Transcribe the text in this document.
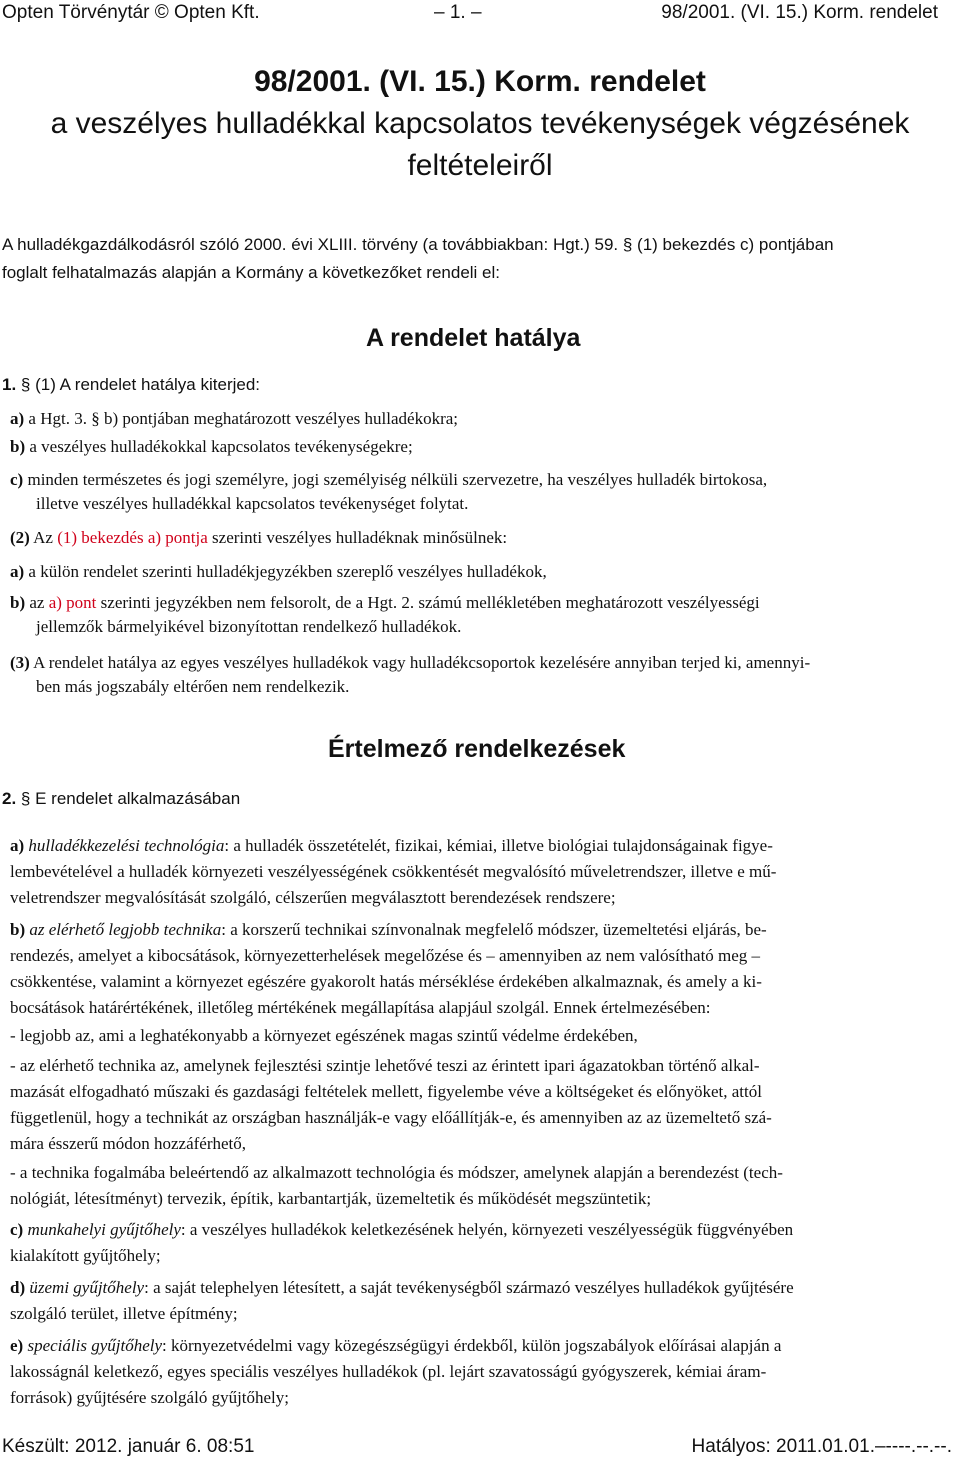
Opten Törvénytár © Opten Kft.	– 1. –	98/2001. (VI. 15.) Korm. rendelet
98/2001. (VI. 15.) Korm. rendelet
a veszélyes hulladékkal kapcsolatos tevékenységek végzésének
feltételeiről
A hulladékgazdálkodásról szóló 2000. évi XLIII. törvény (a továbbiakban: Hgt.) 59. § (1) bekezdés c) pontjában
foglalt felhatalmazás alapján a Kormány a következőket rendeli el:
A rendelet hatálya
1. § (1) A rendelet hatálya kiterjed:
a) a Hgt. 3. § b) pontjában meghatározott veszélyes hulladékokra;
b) a veszélyes hulladékokkal kapcsolatos tevékenységekre;
c) minden természetes és jogi személyre, jogi személyiség nélküli szervezetre, ha veszélyes hulladék birtokosa,
illetve veszélyes hulladékkal kapcsolatos tevékenységet folytat.
(2) Az (1) bekezdés a) pontja szerinti veszélyes hulladéknak minősülnek:
a) a külön rendelet szerinti hulladékjegyzékben szereplő veszélyes hulladékok,
b) az a) pont szerinti jegyzékben nem felsorolt, de a Hgt. 2. számú mellékletében meghatározott veszélyességi
jellemzők bármelyikével bizonyítottan rendelkező hulladékok.
(3) A rendelet hatálya az egyes veszélyes hulladékok vagy hulladékcsoportok kezelésére annyiban terjed ki, amennyi-
ben más jogszabály eltérően nem rendelkezik.
Értelmező rendelkezések
2. § E rendelet alkalmazásában
a) hulladékkezelési technológia: a hulladék összetételét, fizikai, kémiai, illetve biológiai tulajdonságainak figye-
lembevételével a hulladék környezeti veszélyességének csökkentését megvalósító műveletrendszer, illetve e mű-
veletrendszer megvalósítását szolgáló, célszerűen megválasztott berendezések rendszere;
b) az elérhető legjobb technika: a korszerű technikai színvonalnak megfelelő módszer, üzemeltetési eljárás, be-
rendezés, amelyet a kibocsátások, környezetterhelések megelőzése és – amennyiben az nem valósítható meg –
csökkentése, valamint a környezet egészére gyakorolt hatás mérséklése érdekében alkalmaznak, és amely a ki-
bocsátások határértékének, illetőleg mértékének megállapítása alapjául szolgál. Ennek értelmezésében:
- legjobb az, ami a leghatékonyabb a környezet egészének magas szintű védelme érdekében,
- az elérhető technika az, amelynek fejlesztési szintje lehetővé teszi az érintett ipari ágazatokban történő alkal-
mazását elfogadható műszaki és gazdasági feltételek mellett, figyelembe véve a költségeket és előnyöket, attól
függetlenül, hogy a technikát az országban használják-e vagy előállítják-e, és amennyiben az az üzemeltető szá-
mára ésszerű módon hozzáférhető,
- a technika fogalmába beleértendő az alkalmazott technológia és módszer, amelynek alapján a berendezést (tech-
nológiát, létesítményt) tervezik, építik, karbantartják, üzemeltetik és működését megszüntetik;
c) munkahelyi gyűjtőhely: a veszélyes hulladékok keletkezésének helyén, környezeti veszélyességük függvényében
kialakított gyűjtőhely;
d) üzemi gyűjtőhely: a saját telephelyen létesített, a saját tevékenységből származó veszélyes hulladékok gyűjtésére
szolgáló terület, illetve építmény;
e) speciális gyűjtőhely: környezetvédelmi vagy közegészségügyi érdekből, külön jogszabályok előírásai alapján a
lakosságnál keletkező, egyes speciális veszélyes hulladékok (pl. lejárt szavatosságú gyógyszerek, kémiai áram-
források) gyűjtésére szolgáló gyűjtőhely;
Készült: 2012. január 6. 08:51	Hatályos: 2011.01.01.–----.--.--.
